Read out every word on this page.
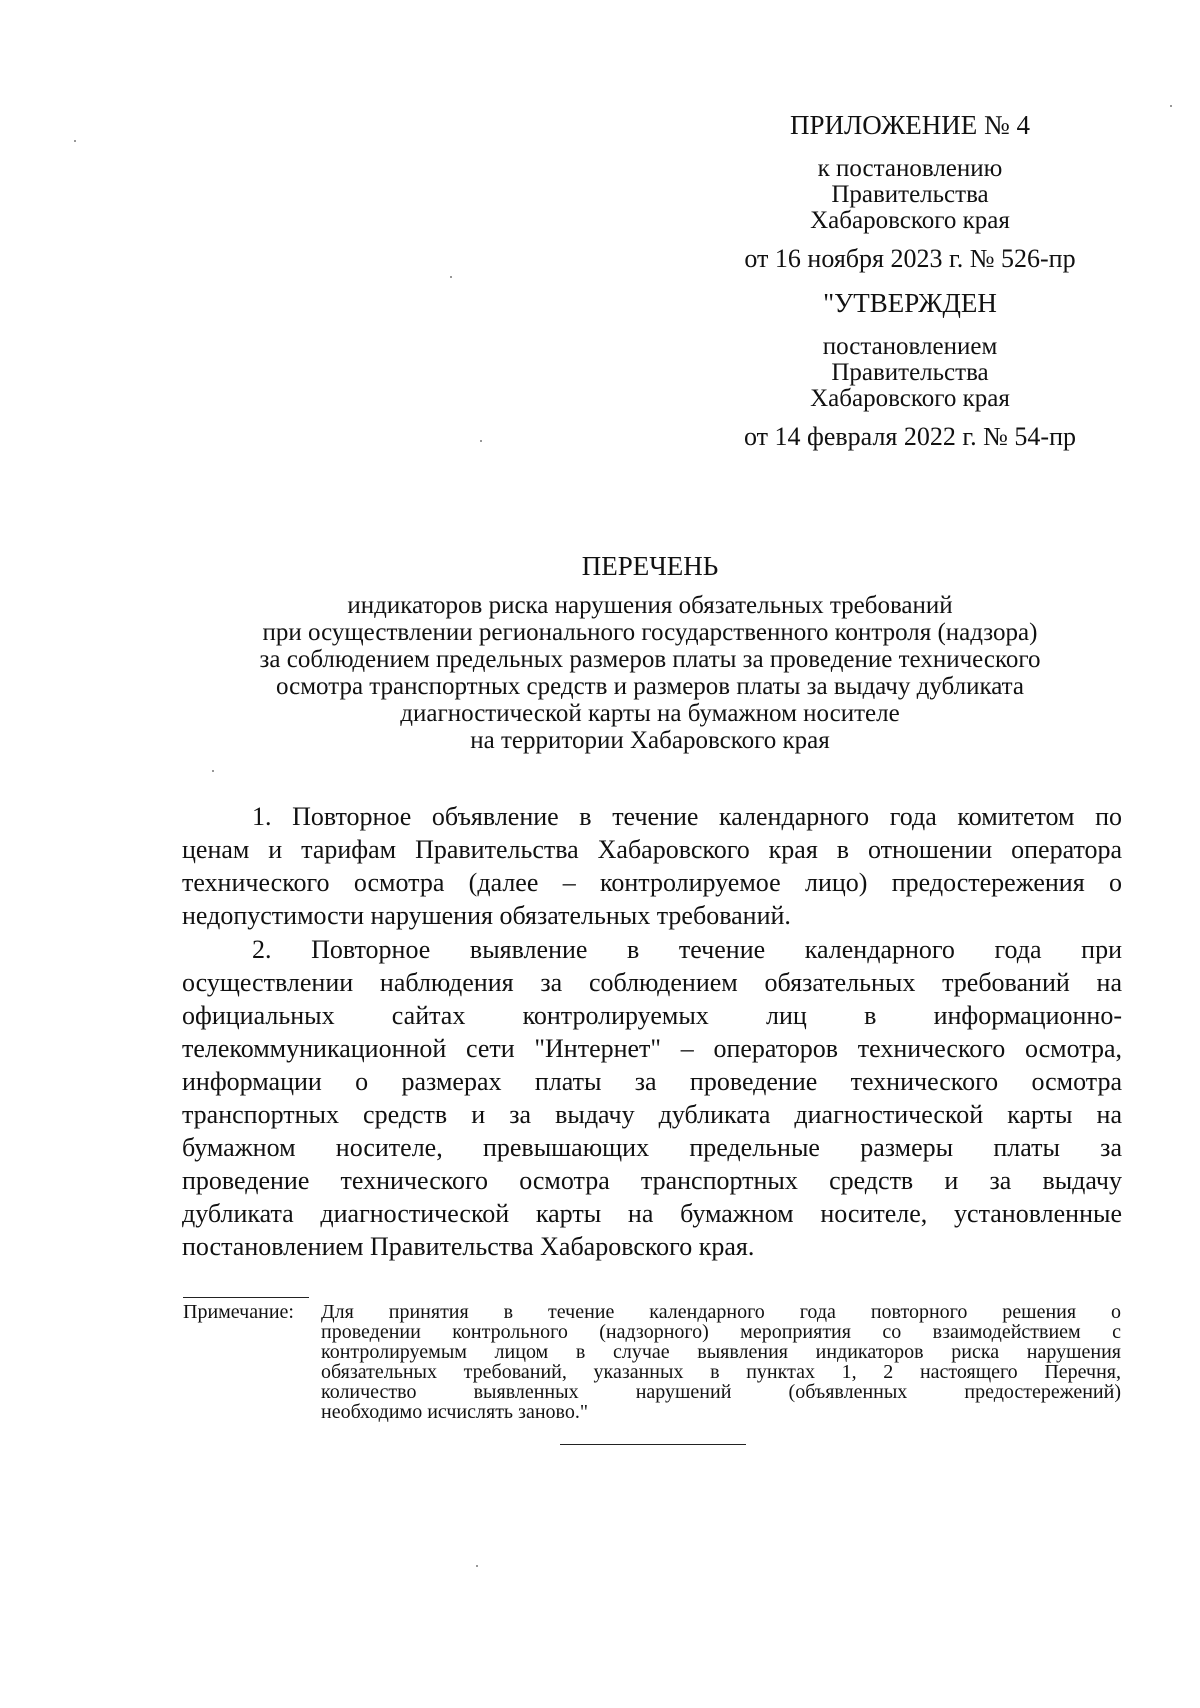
ПРИЛОЖЕНИЕ № 4
к постановлению
Правительства
Хабаровского края
от 16 ноября 2023 г. № 526-пр
"УТВЕРЖДЕН
постановлением
Правительства
Хабаровского края
от 14 февраля 2022 г. № 54-пр
ПЕРЕЧЕНЬ
индикаторов риска нарушения обязательных требований
при осуществлении регионального государственного контроля (надзора)
за соблюдением предельных размеров платы за проведение технического
осмотра транспортных средств и размеров платы за выдачу дубликата
диагностической карты на бумажном носителе
на территории Хабаровского края
1. Повторное объявление в течение календарного года комитетом по
ценам и тарифам Правительства Хабаровского края в отношении оператора
технического осмотра (далее – контролируемое лицо) предостережения о
недопустимости нарушения обязательных требований.
2. Повторное выявление в течение календарного года при
осуществлении наблюдения за соблюдением обязательных требований на
официальных сайтах контролируемых лиц в информационно-
телекоммуникационной сети "Интернет" – операторов технического осмотра,
информации о размерах платы за проведение технического осмотра
транспортных средств и за выдачу дубликата диагностической карты на
бумажном носителе, превышающих предельные размеры платы за
проведение технического осмотра транспортных средств и за выдачу
дубликата диагностической карты на бумажном носителе, установленные
постановлением Правительства Хабаровского края.
Примечание: Для принятия в течение календарного года повторного решения о
проведении контрольного (надзорного) мероприятия со взаимодействием с
контролируемым лицом в случае выявления индикаторов риска нарушения
обязательных требований, указанных в пунктах 1, 2 настоящего Перечня,
количество выявленных нарушений (объявленных предостережений)
необходимо исчислять заново."
